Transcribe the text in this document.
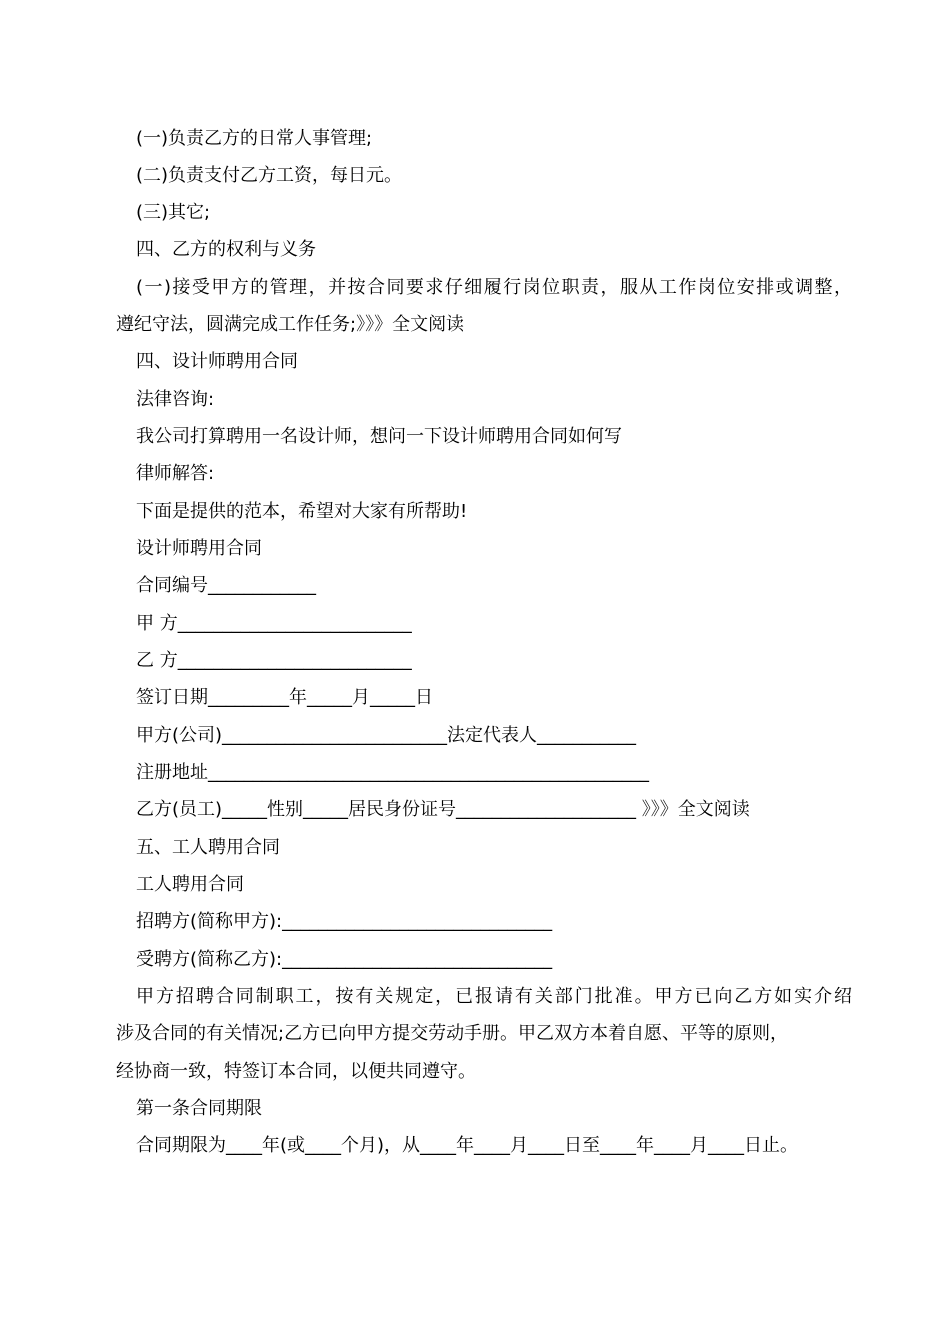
(一)负责乙方的日常人事管理;
(二)负责支付乙方工资，每日元。
(三)其它;
四、乙方的权利与义务
(一)接受甲方的管理，并按合同要求仔细履行岗位职责，服从工作岗位安排或调整，
遵纪守法，圆满完成工作任务;》》》全文阅读
四、设计师聘用合同
法律咨询:
我公司打算聘用一名设计师，想问一下设计师聘用合同如何写
律师解答:
下面是提供的范本，希望对大家有所帮助!
设计师聘用合同
合同编号____________
甲 方__________________________
乙 方__________________________
签订日期_________年_____月_____日
甲方(公司)_________________________法定代表人___________
注册地址_________________________________________________
乙方(员工)_____性别_____居民身份证号____________________ 》》》全文阅读
五、工人聘用合同
工人聘用合同
招聘方(简称甲方):______________________________
受聘方(简称乙方):______________________________
甲方招聘合同制职工，按有关规定，已报请有关部门批准。甲方已向乙方如实介绍
涉及合同的有关情况;乙方已向甲方提交劳动手册。甲乙双方本着自愿、平等的原则，
经协商一致，特签订本合同，以便共同遵守。
第一条合同期限
合同期限为____年(或____个月)，从____年____月____日至____年____月____日止。
